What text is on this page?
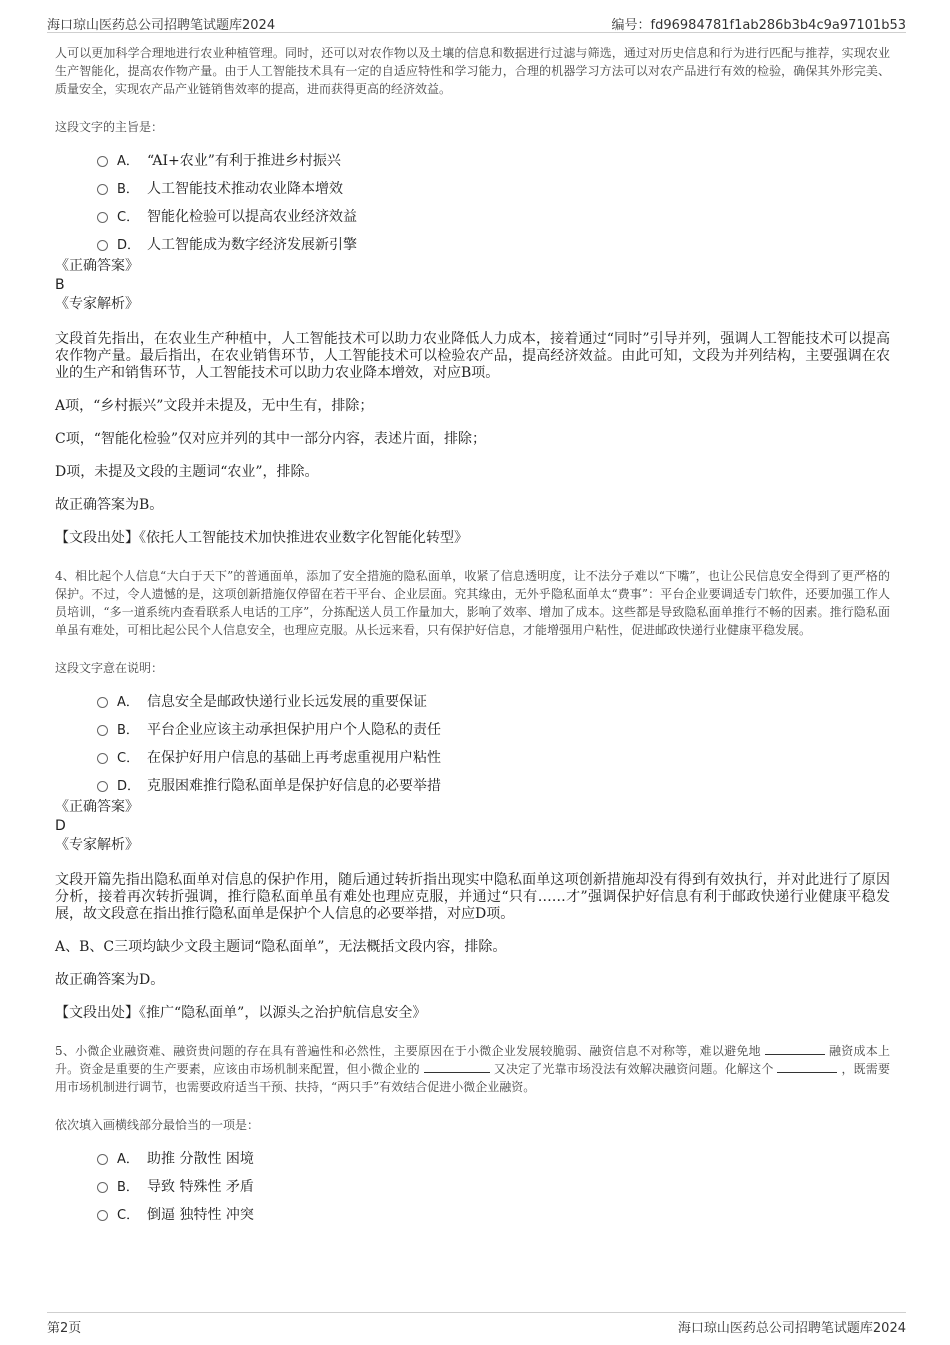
海口琼山医药总公司招聘笔试题库2024	编号：fd96984781f1ab286b3b4c9a97101b53

人可以更加科学合理地进行农业种植管理。同时，还可以对农作物以及土壤的信息和数据进行过滤与筛选，通过对历史信息和行为进行匹配与推荐，实现农业生产智能化，提高农作物产量。由于人工智能技术具有一定的自适应特性和学习能力，合理的机器学习方法可以对农产品进行有效的检验，确保其外形完美、质量安全，实现农产品产业链销售效率的提高，进而获得更高的经济效益。

这段文字的主旨是：

A． “AI+农业”有利于推进乡村振兴
B． 人工智能技术推动农业降本增效
C． 智能化检验可以提高农业经济效益
D． 人工智能成为数字经济发展新引擎

《正确答案》

B

《专家解析》

文段首先指出，在农业生产种植中，人工智能技术可以助力农业降低人力成本，接着通过“同时”引导并列，强调人工智能技术可以提高农作物产量。最后指出，在农业销售环节，人工智能技术可以检验农产品，提高经济效益。由此可知，文段为并列结构，主要强调在农业的生产和销售环节，人工智能技术可以助力农业降本增效，对应B项。

A项，“乡村振兴”文段并未提及，无中生有，排除；

C项，“智能化检验”仅对应并列的其中一部分内容，表述片面，排除；

D项，未提及文段的主题词“农业”，排除。

故正确答案为B。

【文段出处】《依托人工智能技术加快推进农业数字化智能化转型》

4、相比起个人信息“大白于天下”的普通面单，添加了安全措施的隐私面单，收紧了信息透明度，让不法分子难以“下嘴”，也让公民信息安全得到了更严格的保护。不过，令人遗憾的是，这项创新措施仅停留在若干平台、企业层面。究其缘由，无外乎隐私面单太“费事”：平台企业要调适专门软件，还要加强工作人员培训，“多一道系统内查看联系人电话的工序”，分拣配送人员工作量加大，影响了效率、增加了成本。这些都是导致隐私面单推行不畅的因素。推行隐私面单虽有难处，可相比起公民个人信息安全，也理应克服。从长远来看，只有保护好信息，才能增强用户粘性，促进邮政快递行业健康平稳发展。

这段文字意在说明：

A． 信息安全是邮政快递行业长远发展的重要保证
B． 平台企业应该主动承担保护用户个人隐私的责任
C． 在保护好用户信息的基础上再考虑重视用户粘性
D． 克服困难推行隐私面单是保护好信息的必要举措

《正确答案》

D

《专家解析》

文段开篇先指出隐私面单对信息的保护作用，随后通过转折指出现实中隐私面单这项创新措施却没有得到有效执行，并对此进行了原因分析，接着再次转折强调，推行隐私面单虽有难处也理应克服，并通过“只有……才”强调保护好信息有利于邮政快递行业健康平稳发展，故文段意在指出推行隐私面单是保护个人信息的必要举措，对应D项。

A、B、C三项均缺少文段主题词“隐私面单”，无法概括文段内容，排除。

故正确答案为D。

【文段出处】《推广“隐私面单”，以源头之治护航信息安全》

5、小微企业融资难、融资贵问题的存在具有普遍性和必然性，主要原因在于小微企业发展较脆弱、融资信息不对称等，难以避免地	融资成本上升。资金是重要的生产要素，应该由市场机制来配置，但小微企业的	又决定了光靠市场没法有效解决融资问题。化解这个	，既需要用市场机制进行调节，也需要政府适当干预、扶持，“两只手”有效结合促进小微企业融资。

依次填入画横线部分最恰当的一项是：

A． 助推 分散性 困境
B． 导致 特殊性 矛盾
C． 倒逼 独特性 冲突
第2页	海口琼山医药总公司招聘笔试题库2024
